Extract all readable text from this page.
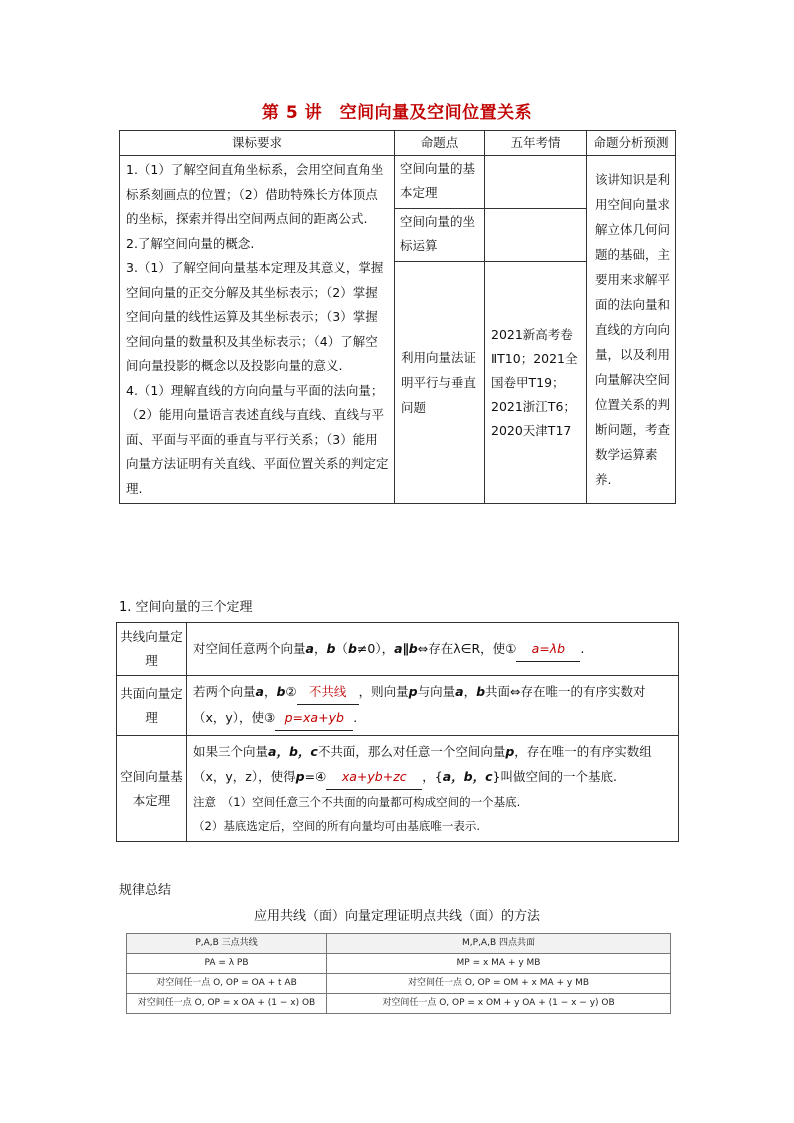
第 5 讲　空间向量及空间位置关系
课标要求	命题点	五年考情	命题分析预测

1.（1）了解空间直角坐标系，会用空间直角坐标系刻画点的位置；（2）借助特殊长方体顶点的坐标，探索并得出空间两点间的距离公式.
2.了解空间向量的概念.
3.（1）了解空间向量基本定理及其意义，掌握空间向量的正交分解及其坐标表示；（2）掌握空间向量的线性运算及其坐标表示；（3）掌握空间向量的数量积及其坐标表示；（4）了解空间向量投影的概念以及投影向量的意义.
4.（1）理解直线的方向向量与平面的法向量；（2）能用向量语言表述直线与直线、直线与平面、平面与平面的垂直与平行关系；（3）能用向量方法证明有关直线、平面位置关系的判定定理.	空间向量的基本定理		该讲知识是利用空间向量求解立体几何问题的基础，主要用来求解平面的法向量和直线的方向向量，以及利用向量解决空间位置关系的判断问题，考查数学运算素养.
	空间向量的坐标运算		
	利用向量法证明平行与垂直问题	2021新高考卷ⅡT10；2021全国卷甲T19；2021浙江T6；2020天津T17	
1. 空间向量的三个定理
共线向量定理	对空间任意两个向量a，b（b≠0），a∥b⇔存在λ∈R，使① a=λb .
共面向量定理	若两个向量a，b② 不共线 ，则向量p与向量a，b共面⇔存在唯一的有序实数对（x，y），使③ p=xa+yb .
空间向量基本定理	如果三个向量a，b，c不共面，那么对任意一个空间向量p，存在唯一的有序实数组（x，y，z），使得p=④ xa+yb+zc ，{a，b，c}叫做空间的一个基底.
注意　（1）空间任意三个不共面的向量都可构成空间的一个基底.
（2）基底选定后，空间的所有向量均可由基底唯一表示.
规律总结
应用共线（面）向量定理证明点共线（面）的方法
P,A,B 三点共线	M,P,A,B 四点共面
PA = λ PB	MP = x MA + y MB
对空间任一点 O, OP = OA + t AB	对空间任一点 O, OP = OM + x MA + y MB
对空间任一点 O, OP = x OA + (1 − x) OB	对空间任一点 O, OP = x OM + y OA + (1 − x − y) OB
